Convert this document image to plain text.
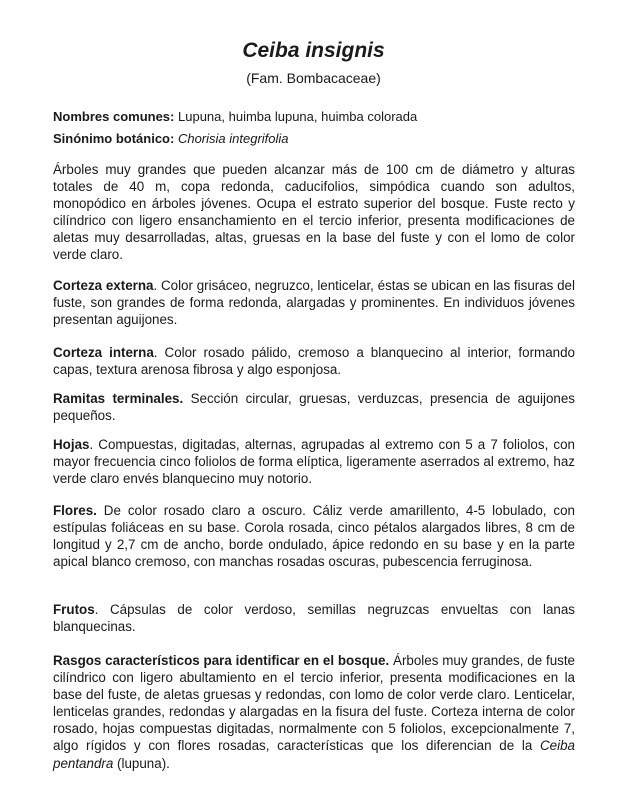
Ceiba insignis
(Fam. Bombacaceae)
Nombres comunes: Lupuna, huimba lupuna, huimba colorada
Sinónimo botánico: Chorisia integrifolia

Árboles muy grandes que pueden alcanzar más de 100 cm de diámetro y alturas totales de 40 m, copa redonda, caducifolios, simpódica cuando son adultos, monopódico en árboles jóvenes. Ocupa el estrato superior del bosque. Fuste recto y cilíndrico con ligero ensanchamiento en el tercio inferior, presenta modificaciones de aletas muy desarrolladas, altas, gruesas en la base del fuste y con el lomo de color verde claro.

Corteza externa. Color grisáceo, negruzco, lenticelar, éstas se ubican en las fisuras del fuste, son grandes de forma redonda, alargadas y prominentes. En individuos jóvenes presentan aguijones.

Corteza interna. Color rosado pálido, cremoso a blanquecino al interior, formando capas, textura arenosa fibrosa y algo esponjosa.

Ramitas terminales. Sección circular, gruesas, verduzcas, presencia de aguijones pequeños.

Hojas. Compuestas, digitadas, alternas, agrupadas al extremo con 5 a 7 foliolos, con mayor frecuencia cinco foliolos de forma elíptica, ligeramente aserrados al extremo, haz verde claro envés blanquecino muy notorio.

Flores. De color rosado claro a oscuro. Cáliz verde amarillento, 4-5 lobulado, con estípulas foliáceas en su base. Corola rosada, cinco pétalos alargados libres, 8 cm de longitud y 2,7 cm de ancho, borde ondulado, ápice redondo en su base y en la parte apical blanco cremoso, con manchas rosadas oscuras, pubescencia ferruginosa.

Frutos. Cápsulas de color verdoso, semillas negruzcas envueltas con lanas blanquecinas.

Rasgos característicos para identificar en el bosque. Árboles muy grandes, de fuste cilíndrico con ligero abultamiento en el tercio inferior, presenta modificaciones en la base del fuste, de aletas gruesas y redondas, con lomo de color verde claro. Lenticelar, lenticelas grandes, redondas y alargadas en la fisura del fuste. Corteza interna de color rosado, hojas compuestas digitadas, normalmente con 5 foliolos, excepcionalmente 7, algo rígidos y con flores rosadas, características que los diferencian de la Ceiba pentandra (lupuna).
